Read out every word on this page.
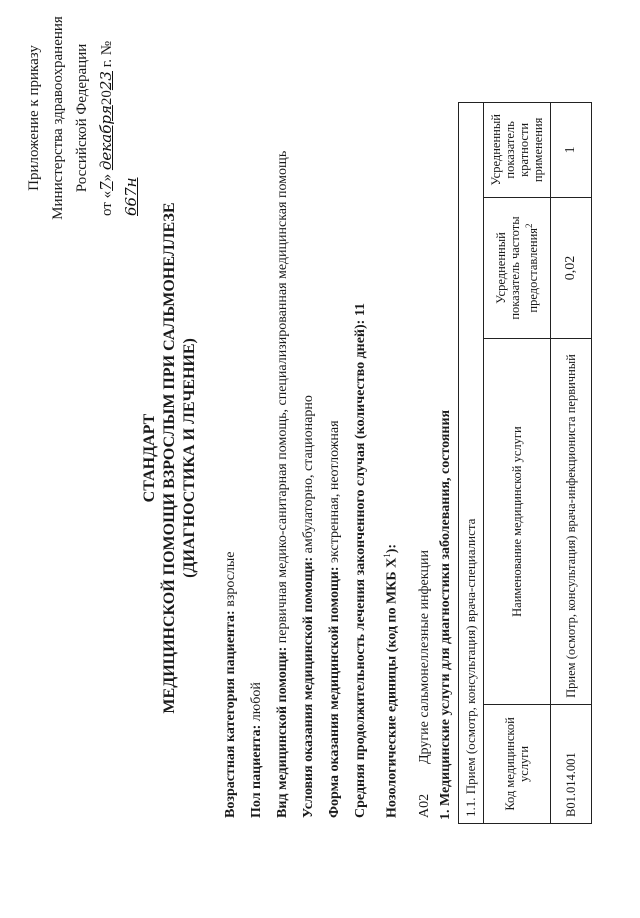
Приложение к приказу Министерства здравоохранения Российской Федерации
от «7» декабря2023 г. № 667н
СТАНДАРТ МЕДИЦИНСКОЙ ПОМОЩИ ВЗРОСЛЫМ ПРИ САЛЬМОНЕЛЛЕЗЕ (ДИАГНОСТИКА И ЛЕЧЕНИЕ)
Возрастная категория пациента: взрослые
Пол пациента: любой Вид медицинской помощи: первичная медико-санитарная помощь, специализированная медицинская помощь
Условия оказания медицинской помощи: амбулаторно, стационарно
Форма оказания медицинской помощи: экстренная, неотложная Средняя продолжительность лечения законченного случая (количество дней): 11
Нозологические единицы (код по МКБ $X^1$):
A02Другие сальмонеллезные инфекции 1. Медицинские услуги для диагностики заболевания, состояния 1.1. Прием (осмотр, консультация) врача-специалиста			
Код медицинской услуги	Наименование медицинской услуги	Усредненный показатель частоты предоставления$^2$	Усредненный показатель кратности применения
B01.014.001	Прием (осмотр, консультация) врача-инфекциониста первичный	0,02	1
